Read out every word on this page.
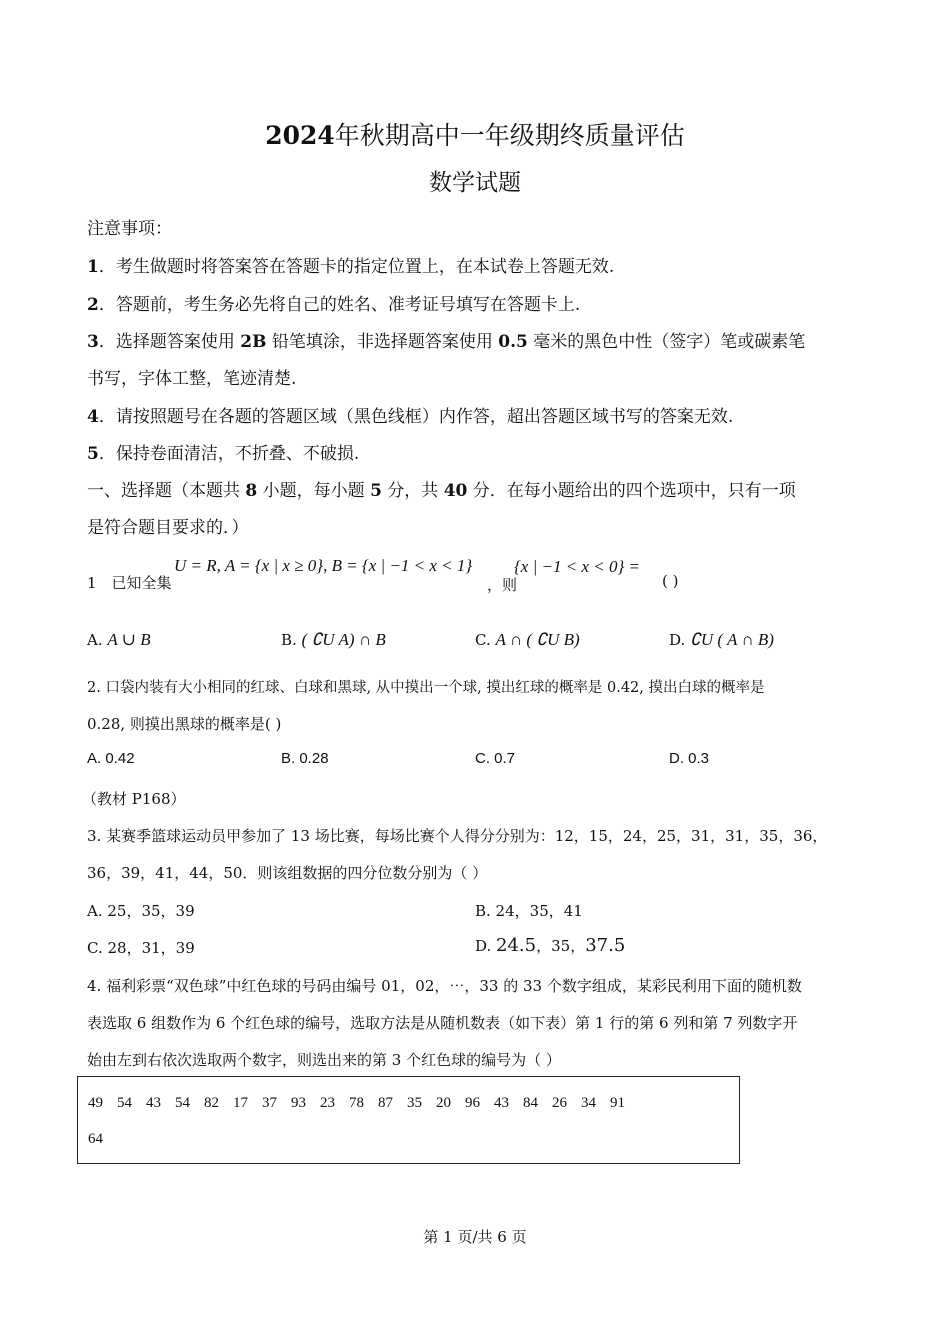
2024年秋期高中一年级期终质量评估
数学试题
注意事项：
1．考生做题时将答案答在答题卡的指定位置上，在本试卷上答题无效.
2．答题前，考生务必先将自己的姓名、准考证号填写在答题卡上.
3．选择题答案使用 2B 铅笔填涂，非选择题答案使用 0.5 毫米的黑色中性（签字）笔或碳素笔
书写，字体工整，笔迹清楚.
4．请按照题号在各题的答题区域（黑色线框）内作答，超出答题区域书写的答案无效.
5．保持卷面清洁，不折叠、不破损.
一、选择题（本题共 8 小题，每小题 5 分，共 40 分．在每小题给出的四个选项中，只有一项
是符合题目要求的．）
1　已知全集
U = R, A = {x | x ≥ 0}, B = {x | −1 < x < 1}
，则
{x | −1 < x < 0} =
( )
A. A ∪ B	B. ( ∁U A) ∩ B	C. A ∩ ( ∁U B)	D. ∁U ( A ∩ B)
2. 口袋内装有大小相同的红球、白球和黑球, 从中摸出一个球, 摸出红球的概率是 0.42, 摸出白球的概率是
0.28, 则摸出黑球的概率是( )
A. 0.42	B. 0.28	C. 0.7	D. 0.3
（教材 P168）
3. 某赛季篮球运动员甲参加了 13 场比赛，每场比赛个人得分分别为：12，15，24，25，31，31，35，36，
36，39，41，44，50．则该组数据的四分位数分别为（ ）
A. 25，35，39	B. 24，35，41
C. 28，31，39	D. 24.5，35，37.5
4. 福利彩票“双色球”中红色球的号码由编号 01，02，⋯，33 的 33 个数字组成，某彩民利用下面的随机数
表选取 6 组数作为 6 个红色球的编号，选取方法是从随机数表（如下表）第 1 行的第 6 列和第 7 列数字开
始由左到右依次选取两个数字，则选出来的第 3 个红色球的编号为（ ）
49 54 43 54 82 17 37 93 23 78 87 35 20 96 43 84 26 34 91
64
第 1 页/共 6 页
